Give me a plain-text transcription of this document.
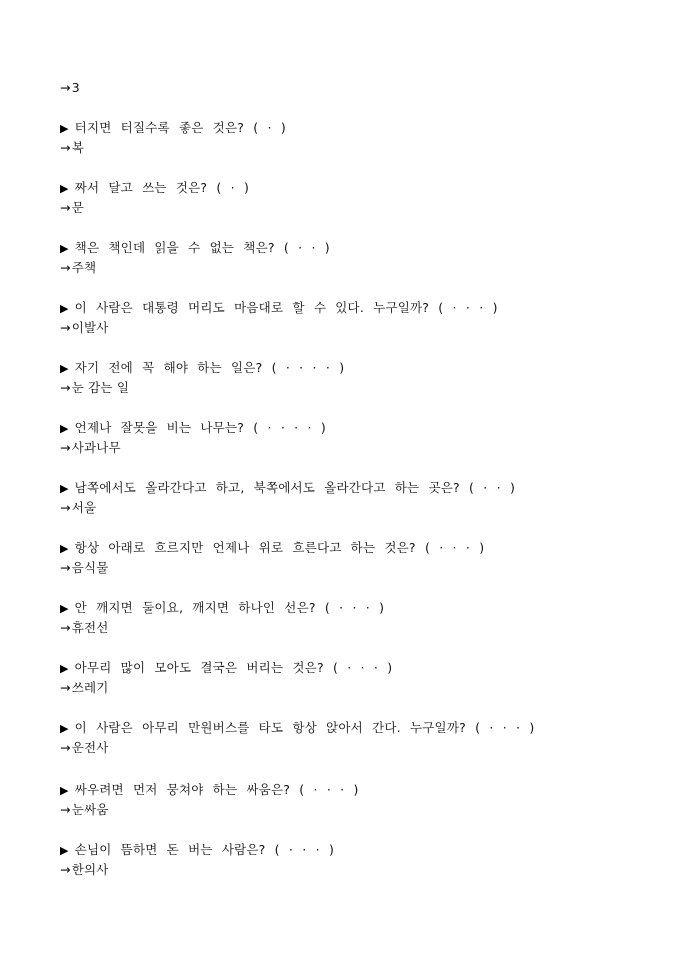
→3
▶ 터지면 터질수록 좋은 것은? ( · )
→복
▶ 짜서 달고 쓰는 것은? ( · )
→문
▶ 책은 책인데 읽을 수 없는 책은? ( · · )
→주책
▶ 이 사람은 대통령 머리도 마음대로 할 수 있다. 누구일까? ( · · · )
→이발사
▶ 자기 전에 꼭 해야 하는 일은? ( · · · · )
→눈 감는 일
▶ 언제나 잘못을 비는 나무는? ( · · · · )
→사과나무
▶ 남쪽에서도 올라간다고 하고, 북쪽에서도 올라간다고 하는 곳은? ( · · )
→서울
▶ 항상 아래로 흐르지만 언제나 위로 흐른다고 하는 것은? ( · · · )
→음식물
▶ 안 깨지면 둘이요, 깨지면 하나인 선은? ( · · · )
→휴전선
▶ 아무리 많이 모아도 결국은 버리는 것은? ( · · · )
→쓰레기
▶ 이 사람은 아무리 만원버스를 타도 항상 앉아서 간다. 누구일까? ( · · · )
→운전사
▶ 싸우려면 먼저 뭉쳐야 하는 싸움은? ( · · · )
→눈싸움
▶ 손님이 뜸하면 돈 버는 사람은? ( · · · )
→한의사
